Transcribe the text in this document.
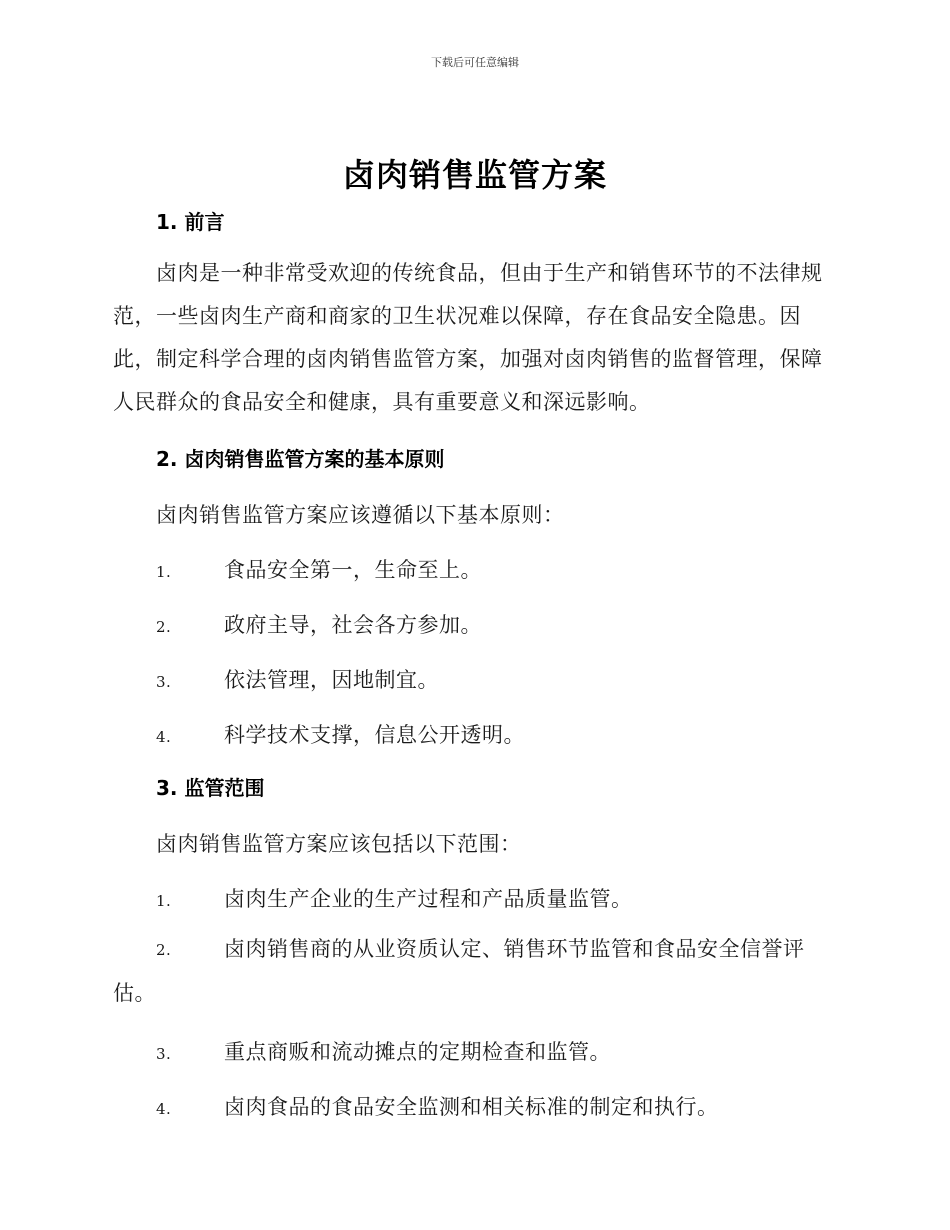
下载后可任意编辑
卤肉销售监管方案
1. 前言
卤肉是一种非常受欢迎的传统食品，但由于生产和销售环节的不法律规范，一些卤肉生产商和商家的卫生状况难以保障，存在食品安全隐患。因此，制定科学合理的卤肉销售监管方案，加强对卤肉销售的监督管理，保障人民群众的食品安全和健康，具有重要意义和深远影响。
2. 卤肉销售监管方案的基本原则
卤肉销售监管方案应该遵循以下基本原则：
1.	食品安全第一，生命至上。
2.	政府主导，社会各方参加。
3.	依法管理，因地制宜。
4.	科学技术支撑，信息公开透明。
3. 监管范围
卤肉销售监管方案应该包括以下范围：
1.	卤肉生产企业的生产过程和产品质量监管。
2.	卤肉销售商的从业资质认定、销售环节监管和食品安全信誉评估。
3.	重点商贩和流动摊点的定期检查和监管。
4.	卤肉食品的食品安全监测和相关标准的制定和执行。
